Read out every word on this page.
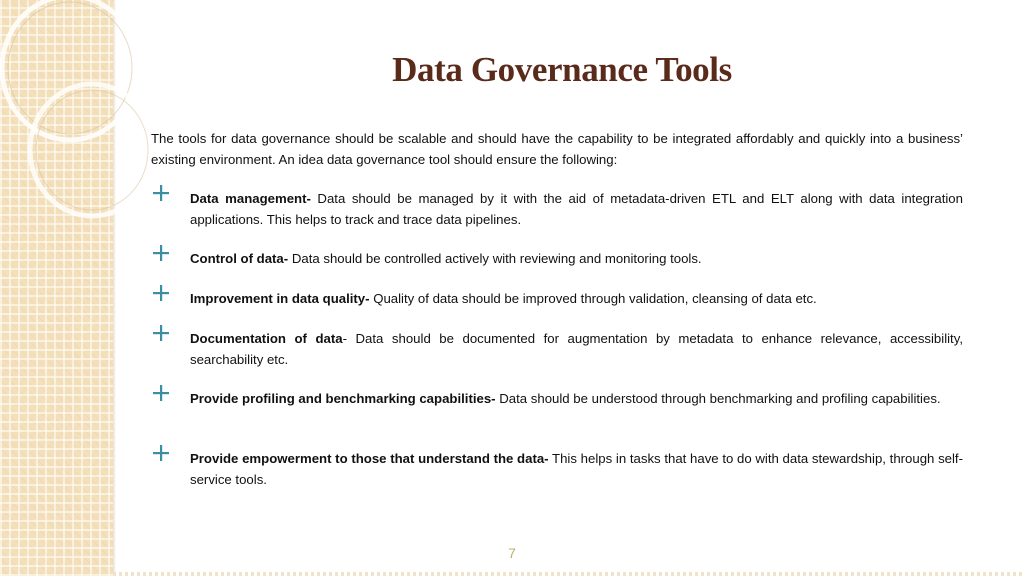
Data Governance Tools
The tools for data governance should be scalable and should have the capability to be integrated affordably and quickly into a business’ existing environment. An idea data governance tool should ensure the following:
Data management- Data should be managed by it with the aid of metadata-driven ETL and ELT along with data integration applications. This helps to track and trace data pipelines.
Control of data- Data should be controlled actively with reviewing and monitoring tools.
Improvement in data quality- Quality of data should be improved through validation, cleansing of data etc.
Documentation of data- Data should be documented for augmentation by metadata to enhance relevance, accessibility, searchability etc.
Provide profiling and benchmarking capabilities- Data should be understood through benchmarking and profiling capabilities.
Provide empowerment to those that understand the data- This helps in tasks that have to do with data stewardship, through self-service tools.
7
